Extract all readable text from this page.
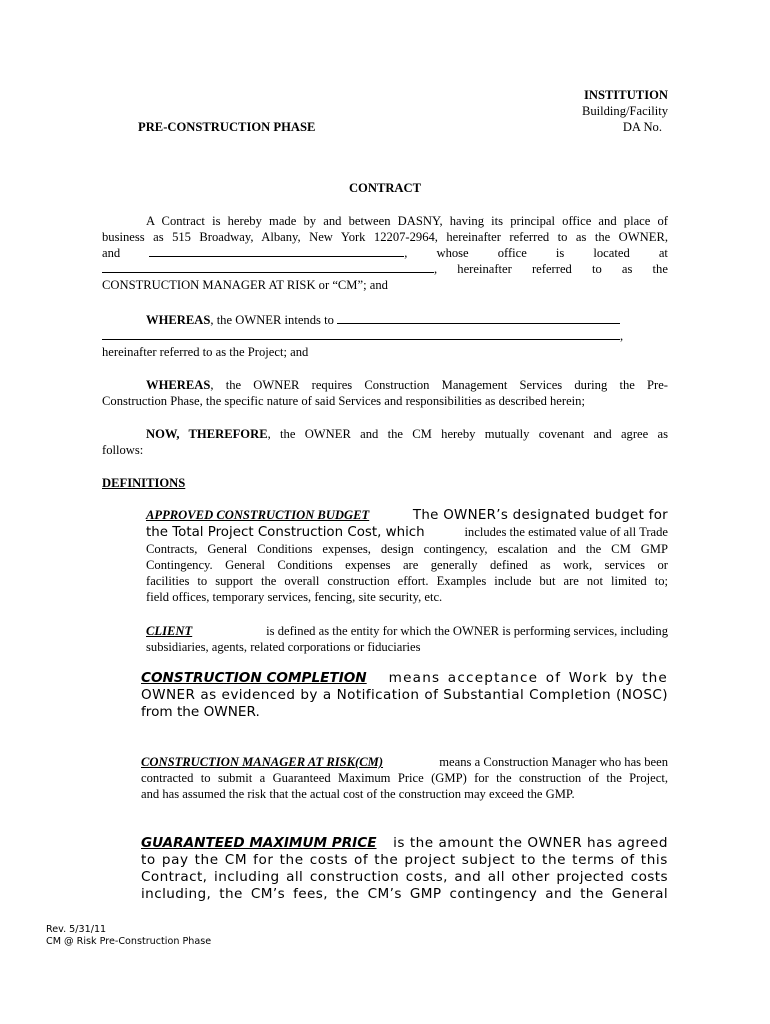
INSTITUTION
Building/Facility
DA No.
PRE-CONSTRUCTION PHASE
CONTRACT
A Contract is hereby made by and between DASNY, having its principal office and place of
business as 515 Broadway, Albany, New York 12207-2964, hereinafter referred to as the OWNER,
and	, whose office is located at
, hereinafter referred to as the
CONSTRUCTION MANAGER AT RISK or “CM”; and
WHEREAS, the OWNER intends to
,
hereinafter referred to as the Project; and
WHEREAS, the OWNER requires Construction Management Services during the Pre-
Construction Phase, the specific nature of said Services and responsibilities as described herein;
NOW, THEREFORE, the OWNER and the CM hereby mutually covenant and agree as
follows:
DEFINITIONS
APPROVED CONSTRUCTION BUDGET	The OWNER’s designated budget for
the Total Project Construction Cost, which	includes the estimated value of all Trade
Contracts, General Conditions expenses, design contingency, escalation and the CM GMP
Contingency. General Conditions expenses are generally defined as work, services or
facilities to support the overall construction effort. Examples include but are not limited to;
field offices, temporary services, fencing, site security, etc.
CLIENT	is defined as the entity for which the OWNER is performing services, including
subsidiaries, agents, related corporations or fiduciaries
CONSTRUCTION COMPLETION means acceptance of Work by the
OWNER as evidenced by a Notification of Substantial Completion (NOSC)
from the OWNER.
CONSTRUCTION MANAGER AT RISK(CM)	means a Construction Manager who has been
contracted to submit a Guaranteed Maximum Price (GMP) for the construction of the Project,
and has assumed the risk that the actual cost of the construction may exceed the GMP.
GUARANTEED MAXIMUM PRICE is the amount the OWNER has agreed
to pay the CM for the costs of the project subject to the terms of this
Contract, including all construction costs, and all other projected costs
including, the CM’s fees, the CM’s GMP contingency and the General
Rev. 5/31/11
CM @ Risk Pre-Construction Phase
